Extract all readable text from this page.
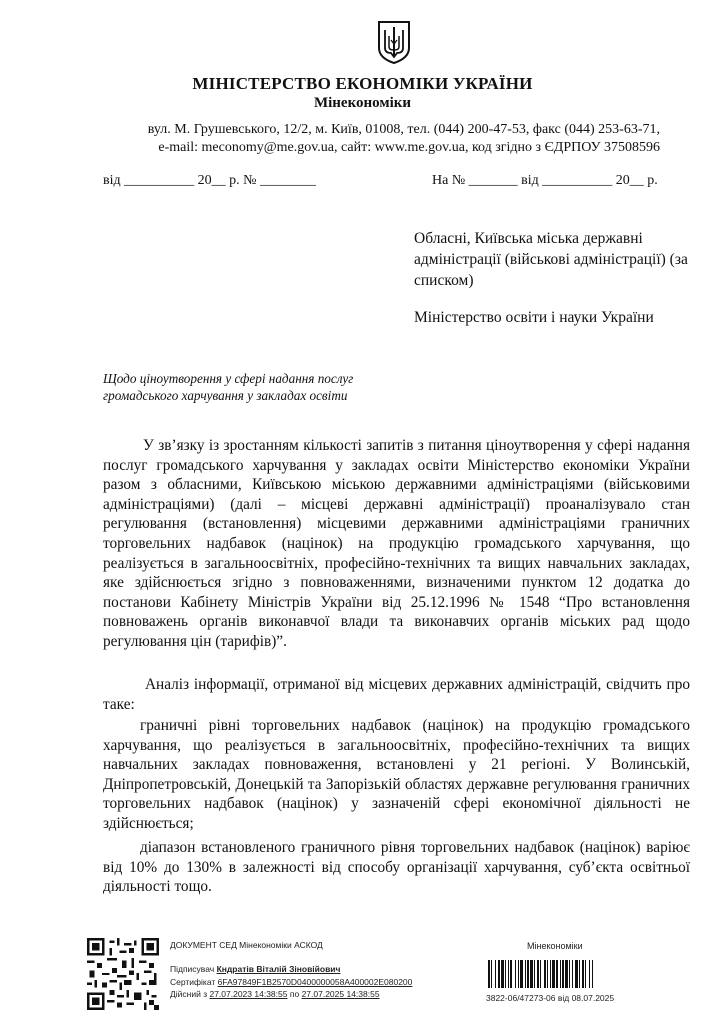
МІНІСТЕРСТВО ЕКОНОМІКИ УКРАЇНИ
Мінекономіки
вул. М. Грушевського, 12/2, м. Київ, 01008, тел. (044) 200-47-53, факс (044) 253-63-71,
e-mail: meconomy@me.gov.ua, сайт: www.me.gov.ua, код згідно з ЄДРПОУ 37508596
від __________ 20__ р. № ________	На № _______ від __________ 20__ р.
Обласні, Київська міська державні адміністрації (військові адміністрації) (за списком)
Міністерство освіти і науки України
Щодо ціноутворення у сфері надання послуг громадського харчування у закладах освіти

У зв’язку із зростанням кількості запитів з питання ціноутворення у сфері надання послуг громадського харчування у закладах освіти Міністерство економіки України разом з обласними, Київською міською державними адміністраціями (військовими адміністраціями) (далі – місцеві державні адміністрації) проаналізувало стан регулювання (встановлення) місцевими державними адміністраціями граничних торговельних надбавок (націнок) на продукцію громадського харчування, що реалізується в загальноосвітніх, професійно-технічних та вищих навчальних закладах, яке здійснюється згідно з повноваженнями, визначеними пунктом 12 додатка до постанови Кабінету Міністрів України від 25.12.1996 № 1548 “Про встановлення повноважень органів виконавчої влади та виконавчих органів міських рад щодо регулювання цін (тарифів)”.

Аналіз інформації, отриманої від місцевих державних адміністрацій, свідчить про таке:

граничні рівні торговельних надбавок (націнок) на продукцію громадського харчування, що реалізується в загальноосвітніх, професійно-технічних та вищих навчальних закладах повноваження, встановлені у 21 регіоні. У Волинській, Дніпропетровській, Донецькій та Запорізькій областях державне регулювання граничних торговельних надбавок (націнок) у зазначеній сфері економічної діяльності не здійснюється;

діапазон встановленого граничного рівня торговельних надбавок (націнок) варіює від 10% до 130% в залежності від способу організації харчування, суб’єкта освітньої діяльності тощо.

ДОКУМЕНТ СЕД Мінекономіки АСКОД
Підписувач Кндратів Віталій Зіновійович
Сертифікат 6FA97849F1B2570D0400000058A400002E080200
Дійсний з 27.07.2023 14:38:55 по 27.07.2025 14:38:55
Мінекономіки
3822-06/47273-06 від 08.07.2025
